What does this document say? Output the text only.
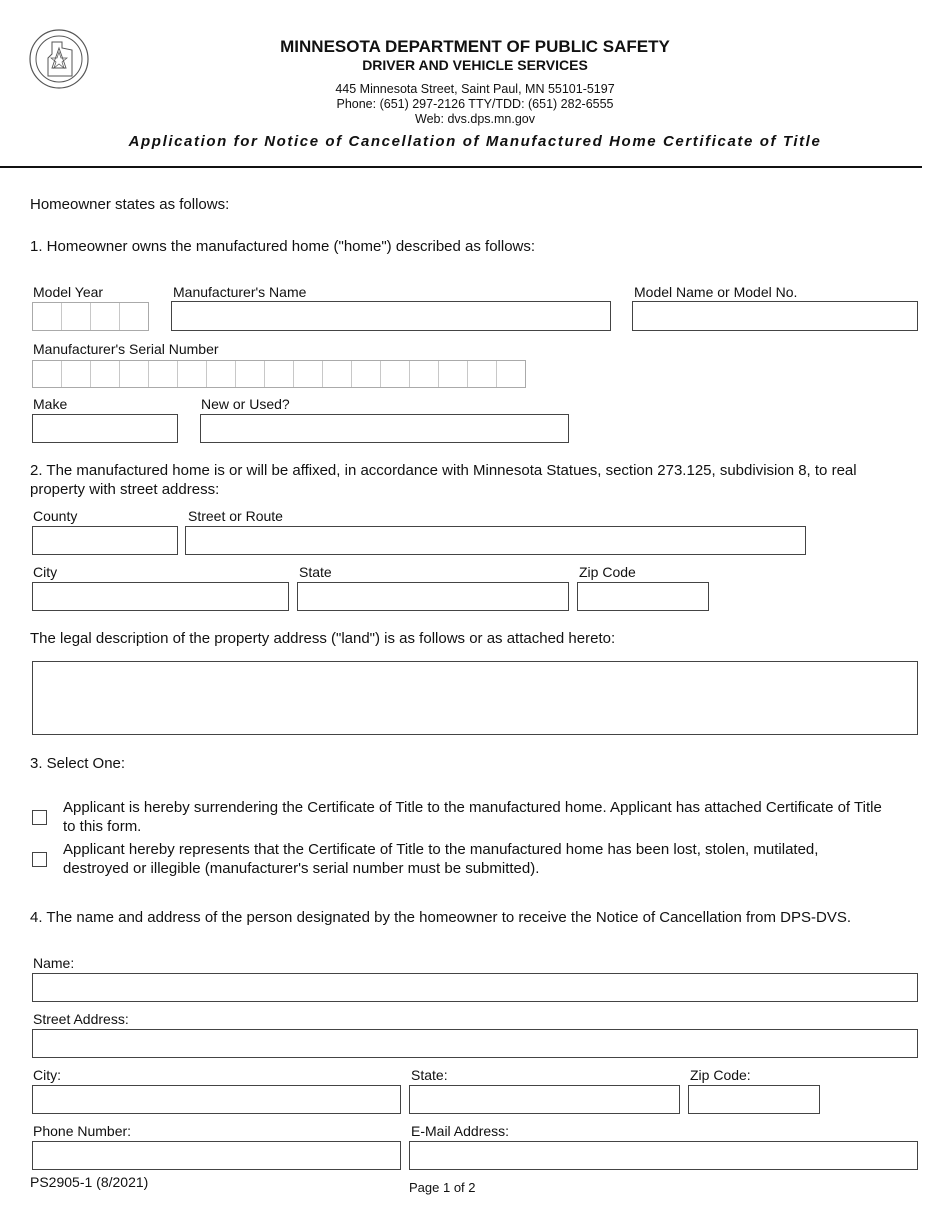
MINNESOTA DEPARTMENT OF PUBLIC SAFETY
DRIVER AND VEHICLE SERVICES
445 Minnesota Street, Saint Paul, MN 55101-5197
Phone: (651) 297-2126 TTY/TDD: (651) 282-6555
Web: dvs.dps.mn.gov
Application for Notice of Cancellation of Manufactured Home Certificate of Title
Homeowner states as follows:
1. Homeowner owns the manufactured home ("home") described as follows:
Model Year	Manufacturer's Name	Model Name or Model No.
Manufacturer's Serial Number
Make	New or Used?
2. The manufactured home is or will be affixed, in accordance with Minnesota Statues, section 273.125, subdivision 8, to real
property with street address:
County	Street or Route
City	State	Zip Code
The legal description of the property address ("land") is as follows or as attached hereto:
3. Select One:
Applicant is hereby surrendering the Certificate of Title to the manufactured home. Applicant has attached Certificate of Title
to this form.
Applicant hereby represents that the Certificate of Title to the manufactured home has been lost, stolen, mutilated,
destroyed or illegible (manufacturer's serial number must be submitted).
4. The name and address of the person designated by the homeowner to receive the Notice of Cancellation from DPS-DVS.
Name:
Street Address:
City:	State:	Zip Code:
Phone Number:	E-Mail Address:
PS2905-1 (8/2021)	Page 1 of 2
